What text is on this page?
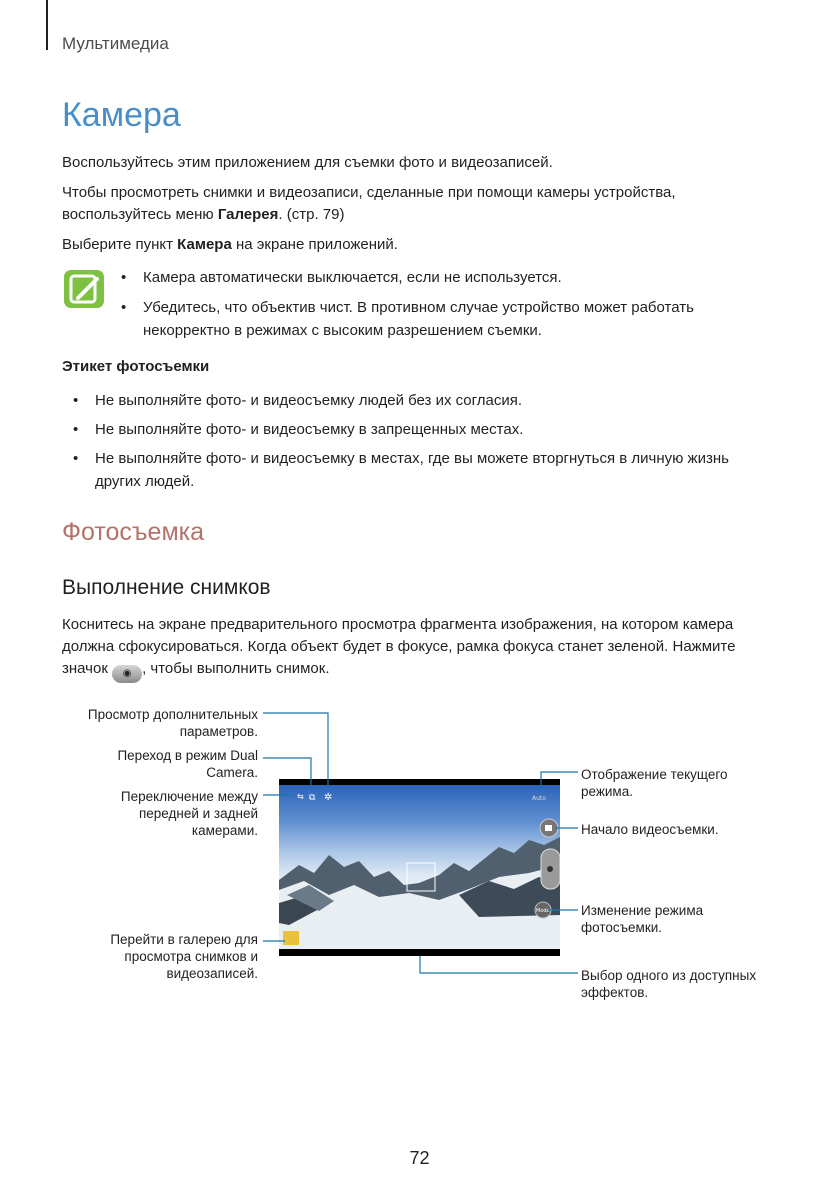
Мультимедиа
Камера

Воспользуйтесь этим приложением для съемки фото и видеозаписей.

Чтобы просмотреть снимки и видеозаписи, сделанные при помощи камеры устройства,
воспользуйтесь меню Галерея. (стр. 79)

Выберите пункт Камера на экране приложений.

• Камера автоматически выключается, если не используется.
• Убедитесь, что объектив чист. В противном случае устройство может работать некорректно в режимах с высоким разрешением съемки.
Этикет фотосъемки
• Не выполняйте фото- и видеосъемку людей без их согласия.
• Не выполняйте фото- и видеосъемку в запрещенных местах.
• Не выполняйте фото- и видеосъемку в местах, где вы можете вторгнуться в личную жизнь других людей.
Фотосъемка
Выполнение снимков

Коснитесь на экране предварительного просмотра фрагмента изображения, на котором камера
должна сфокусироваться. Когда объект будет в фокусе, рамка фокуса станет зеленой. Нажмите
значок ◉ , чтобы выполнить снимок.

⇆ ⧉ ✲	Auto
Mode
Просмотр дополнительных
параметров.
Переход в режим Dual
Camera.
Переключение между
передней и задней
камерами.
Перейти в галерею для
просмотра снимков и
видеозаписей.
Отображение текущего
режима.
Начало видеосъемки.
Изменение режима
фотосъемки.
Выбор одного из доступных
эффектов.
72
